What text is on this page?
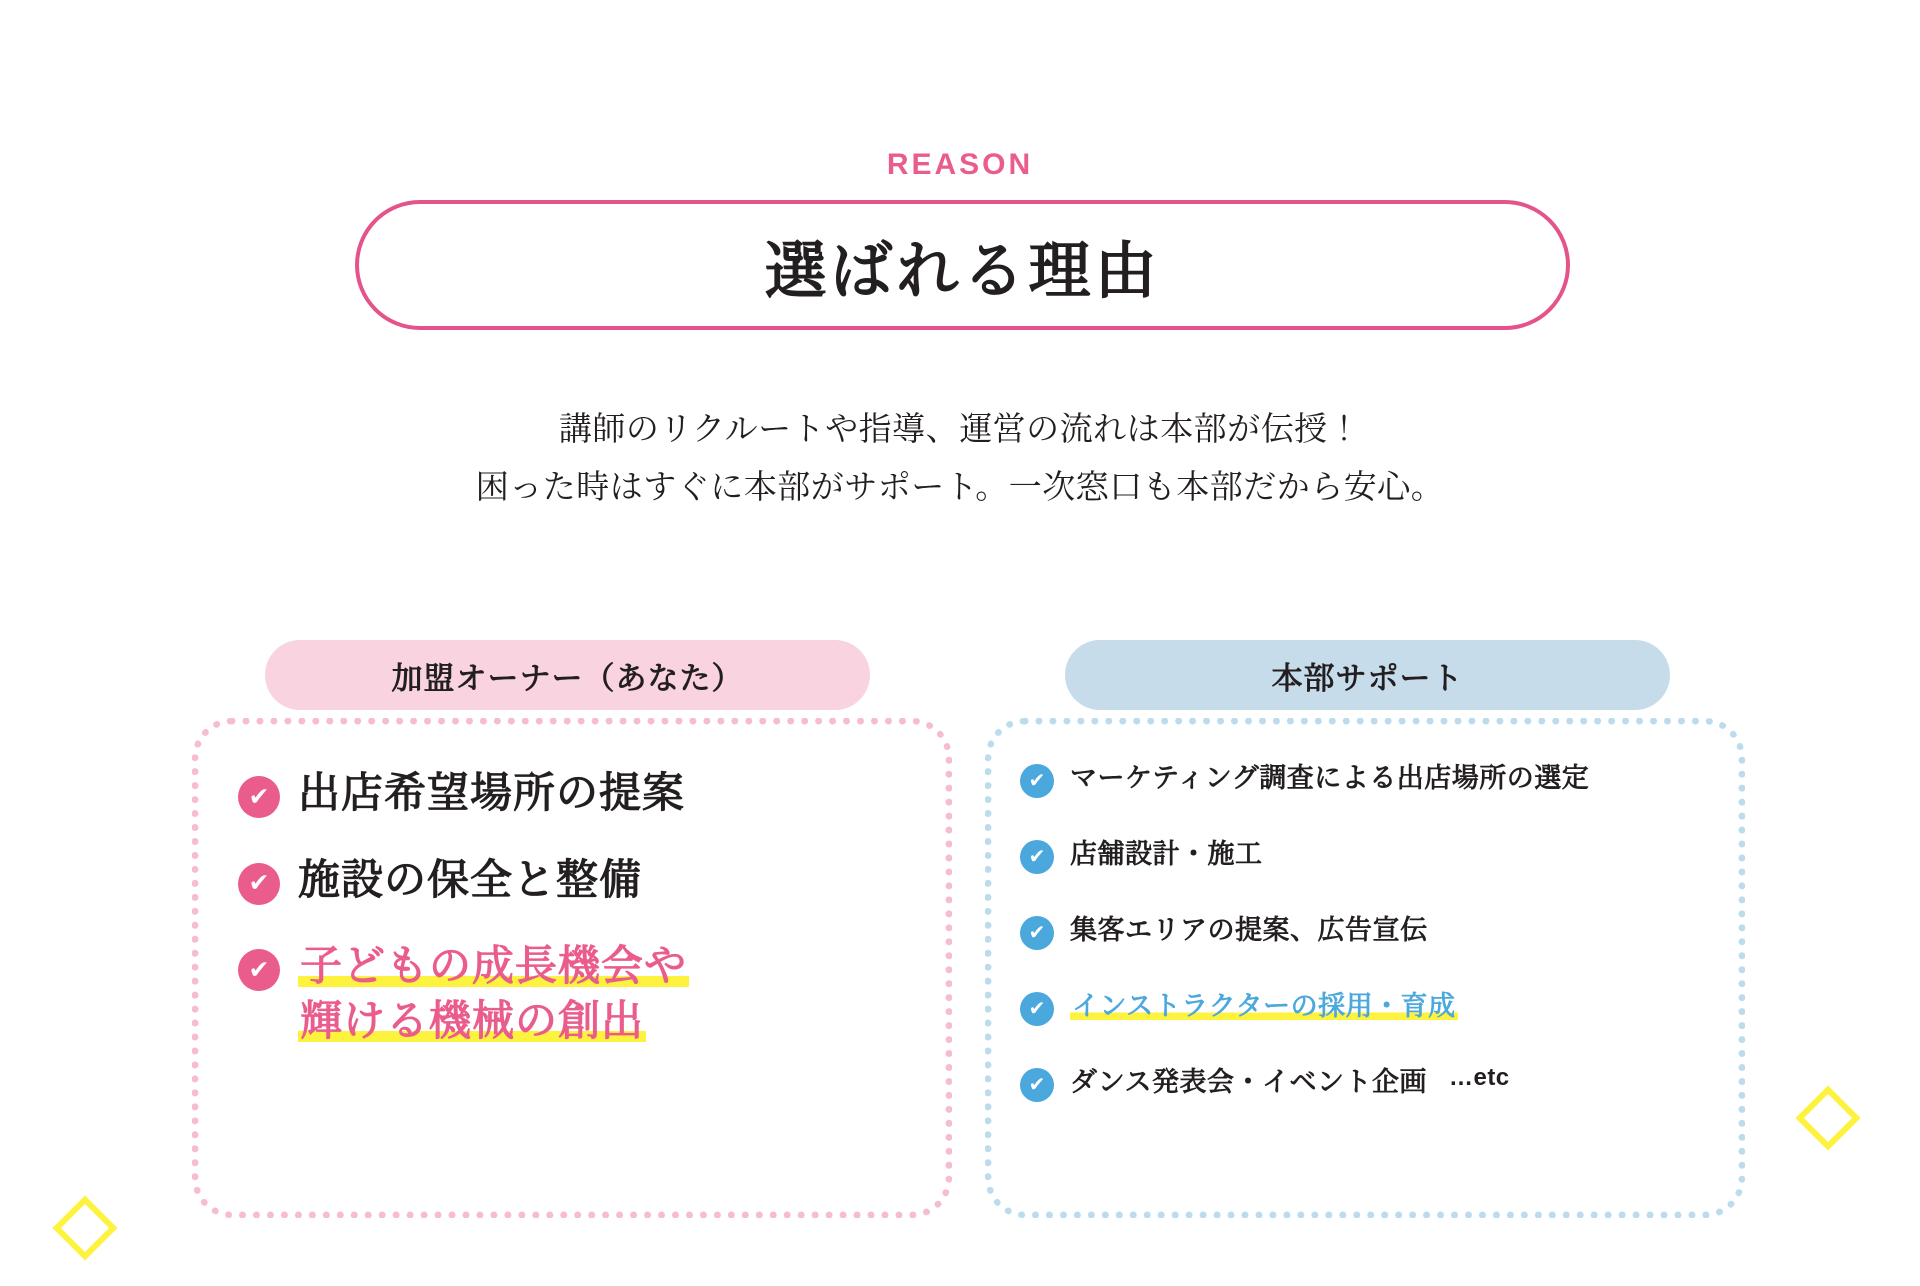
REASON
選ばれる理由
講師のリクルートや指導、運営の流れは本部が伝授！
困った時はすぐに本部がサポート。一次窓口も本部だから安心。
加盟オーナー（あなた）
✔ 出店希望場所の提案
✔ 施設の保全と整備
✔ 子どもの成長機会や
輝ける機械の創出
本部サポート
✔ マーケティング調査による出店場所の選定
✔ 店舗設計・施工
✔ 集客エリアの提案、広告宣伝
✔ インストラクターの採用・育成
✔ ダンス発表会・イベント企画 …etc
